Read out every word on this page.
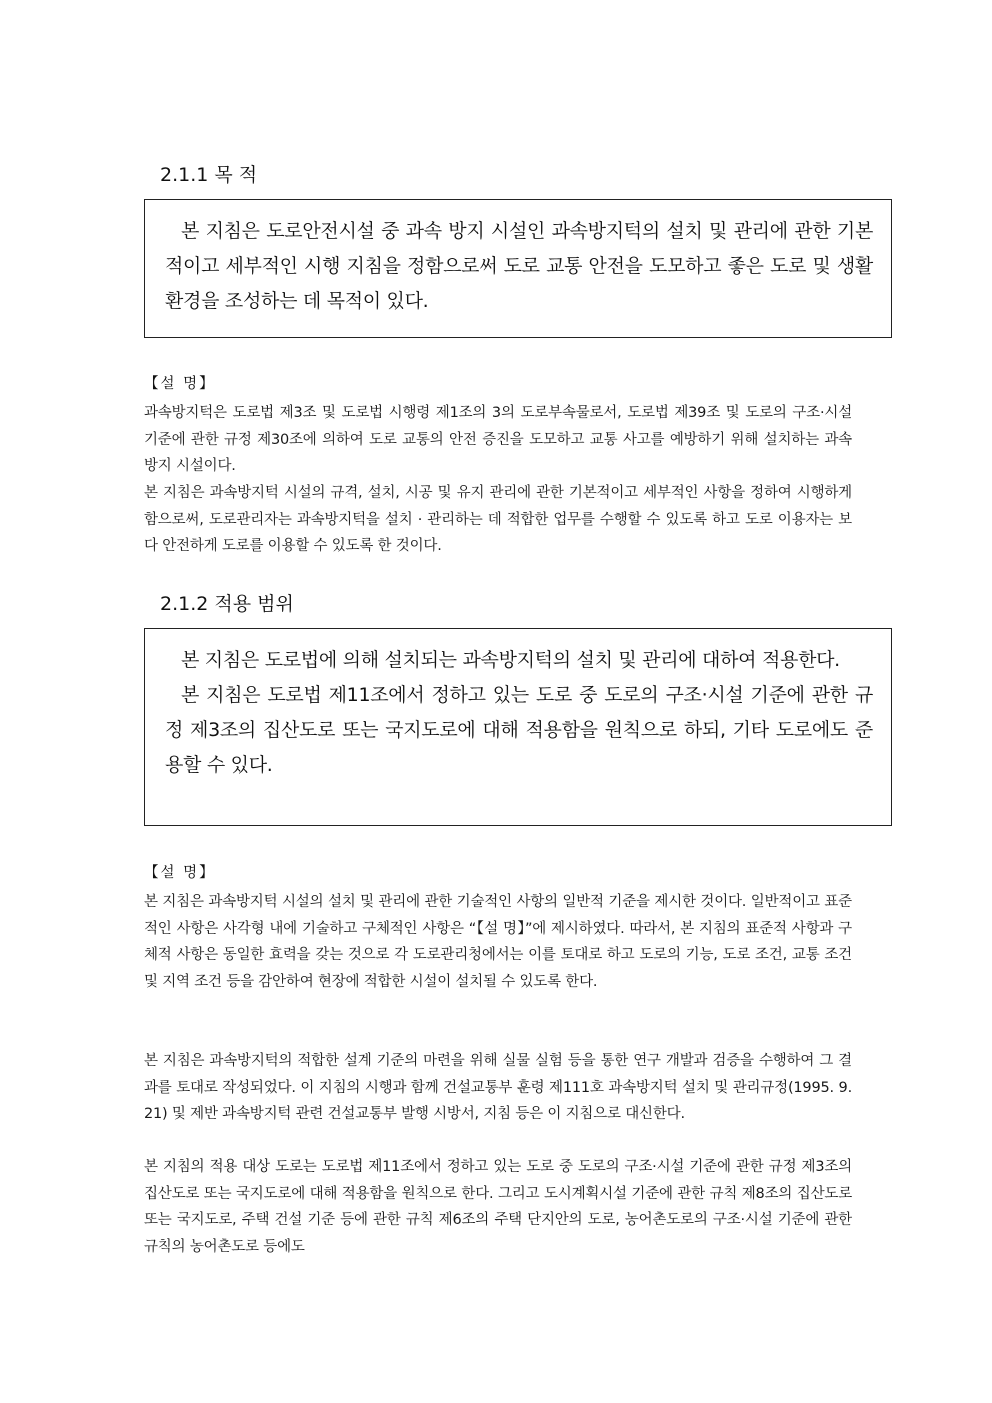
2.1.1 목 적

본 지침은 도로안전시설 중 과속 방지 시설인 과속방지턱의 설치 및 관리에 관한 기본적이고 세부적인 시행 지침을 정함으로써 도로 교통 안전을 도모하고 좋은 도로 및 생활 환경을 조성하는 데 목적이 있다.

【설 명】

과속방지턱은 도로법 제3조 및 도로법 시행령 제1조의 3의 도로부속물로서, 도로법 제39조 및 도로의 구조·시설 기준에 관한 규정 제30조에 의하여 도로 교통의 안전 증진을 도모하고 교통 사고를 예방하기 위해 설치하는 과속 방지 시설이다.

본 지침은 과속방지턱 시설의 규격, 설치, 시공 및 유지 관리에 관한 기본적이고 세부적인 사항을 정하여 시행하게 함으로써, 도로관리자는 과속방지턱을 설치 · 관리하는 데 적합한 업무를 수행할 수 있도록 하고 도로 이용자는 보다 안전하게 도로를 이용할 수 있도록 한 것이다.

2.1.2 적용 범위

본 지침은 도로법에 의해 설치되는 과속방지턱의 설치 및 관리에 대하여 적용한다.

본 지침은 도로법 제11조에서 정하고 있는 도로 중 도로의 구조·시설 기준에 관한 규정 제3조의 집산도로 또는 국지도로에 대해 적용함을 원칙으로 하되, 기타 도로에도 준용할 수 있다.

【설 명】

본 지침은 과속방지턱 시설의 설치 및 관리에 관한 기술적인 사항의 일반적 기준을 제시한 것이다. 일반적이고 표준적인 사항은 사각형 내에 기술하고 구체적인 사항은 “【설 명】”에 제시하였다. 따라서, 본 지침의 표준적 사항과 구체적 사항은 동일한 효력을 갖는 것으로 각 도로관리청에서는 이를 토대로 하고 도로의 기능, 도로 조건, 교통 조건 및 지역 조건 등을 감안하여 현장에 적합한 시설이 설치될 수 있도록 한다.

본 지침은 과속방지턱의 적합한 설계 기준의 마련을 위해 실물 실험 등을 통한 연구 개발과 검증을 수행하여 그 결과를 토대로 작성되었다. 이 지침의 시행과 함께 건설교통부 훈령 제111호 과속방지턱 설치 및 관리규정(1995. 9. 21) 및 제반 과속방지턱 관련 건설교통부 발행 시방서, 지침 등은 이 지침으로 대신한다.

본 지침의 적용 대상 도로는 도로법 제11조에서 정하고 있는 도로 중 도로의 구조·시설 기준에 관한 규정 제3조의 집산도로 또는 국지도로에 대해 적용함을 원칙으로 한다. 그리고 도시계획시설 기준에 관한 규칙 제8조의 집산도로 또는 국지도로, 주택 건설 기준 등에 관한 규칙 제6조의 주택 단지안의 도로, 농어촌도로의 구조·시설 기준에 관한 규칙의 농어촌도로 등에도
